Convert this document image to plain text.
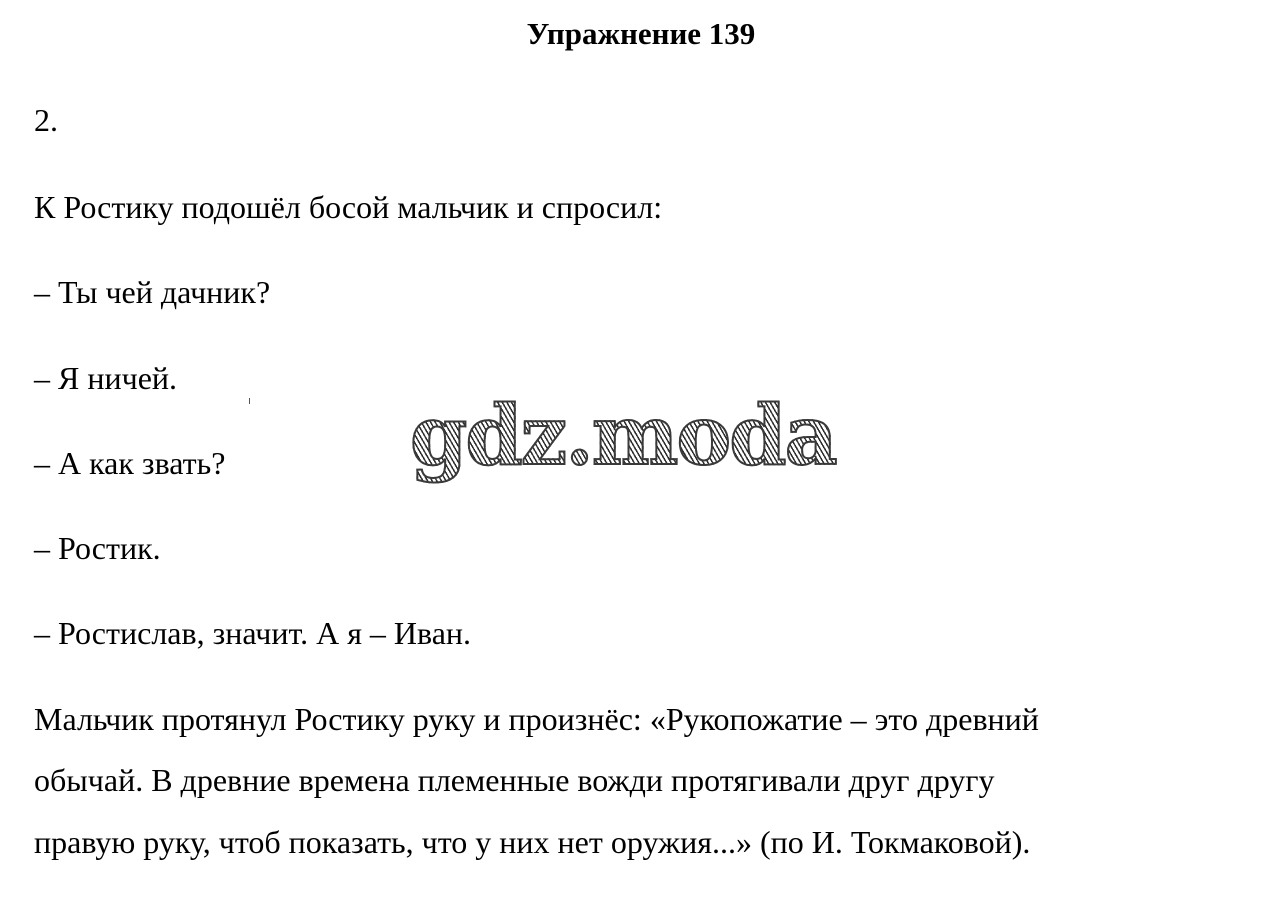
Упражнение 139
2.
К Ростику подошёл босой мальчик и спросил:
– Ты чей дачник?
– Я ничей.
– А как звать?
– Ростик.
– Ростислав, значит. А я – Иван.
Мальчик протянул Ростику руку и произнёс: «Рукопожатие – это древний
обычай. В древние времена племенные вожди протягивали друг другу
правую руку, чтоб показать, что у них нет оружия...» (по И. Токмаковой).
gdz.moda
